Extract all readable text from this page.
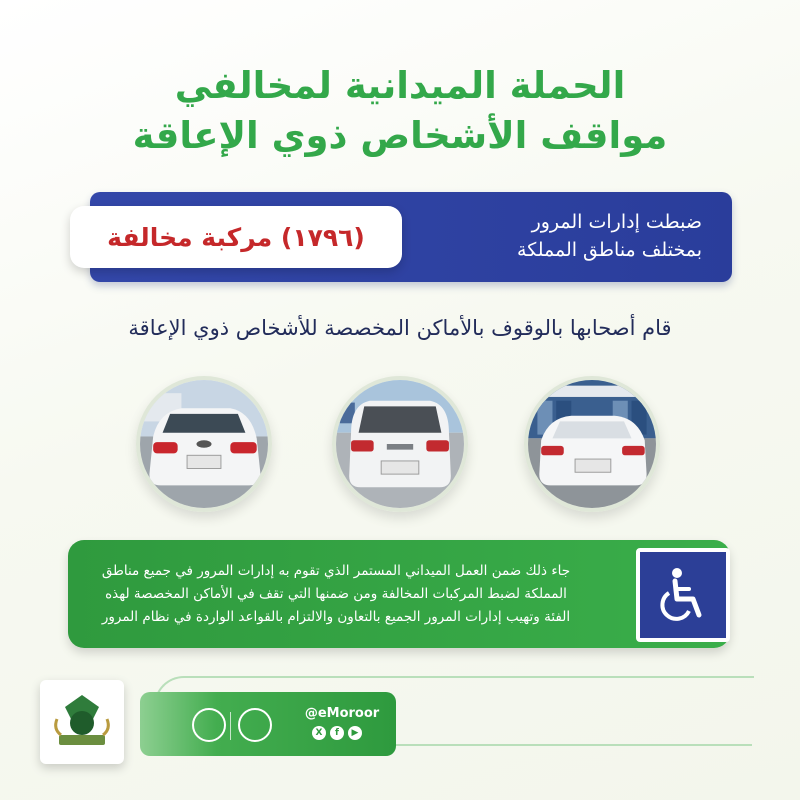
الحملة الميدانية لمخالفي
مواقف الأشخاص ذوي الإعاقة
ضبطت إدارات المرور
بمختلف مناطق المملكة
(١٧٩٦) مركبة مخالفة
قام أصحابها بالوقوف بالأماكن المخصصة للأشخاص ذوي الإعاقة
جاء ذلك ضمن العمل الميداني المستمر الذي تقوم به إدارات المرور في جميع مناطق
المملكة لضبط المركبات المخالفة ومن ضمنها التي تقف في الأماكن المخصصة لهذه
الفئة وتهيب إدارات المرور الجميع بالتعاون والالتزام بالقواعد الواردة في نظام المرور
@eMoroor
X	f	▶
